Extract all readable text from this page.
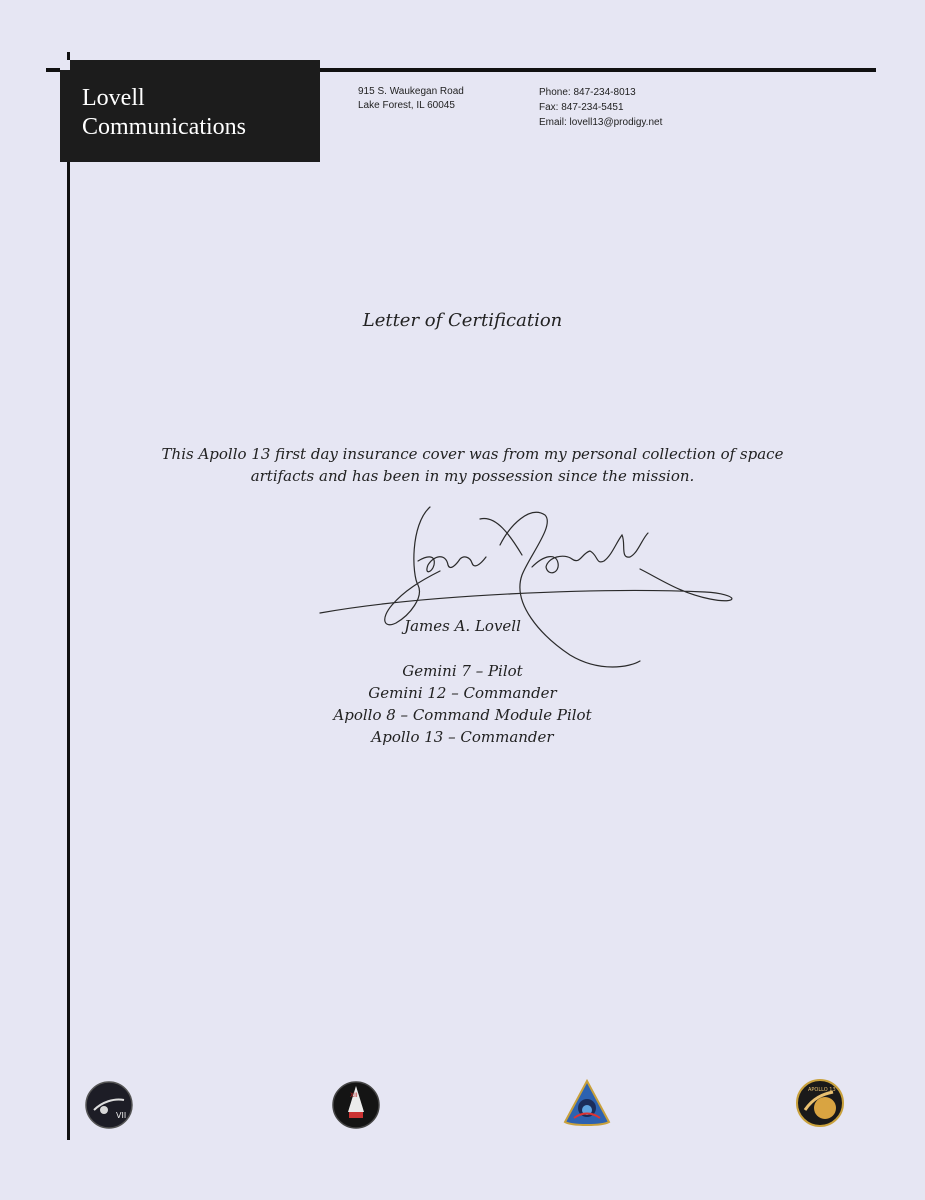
Lovell
Communications
915 S. Waukegan Road
Lake Forest, IL 60045
Phone: 847-234-8013
Fax: 847-234-5451
Email: lovell13@prodigy.net
Letter of Certification
This Apollo 13 first day insurance cover was from my personal collection of space
artifacts and has been in my possession since the mission.
James A. Lovell
Gemini 7 – Pilot
Gemini 12 – Commander
Apollo 8 – Command Module Pilot
Apollo 13 – Commander
VII
XII
APOLLO 13
